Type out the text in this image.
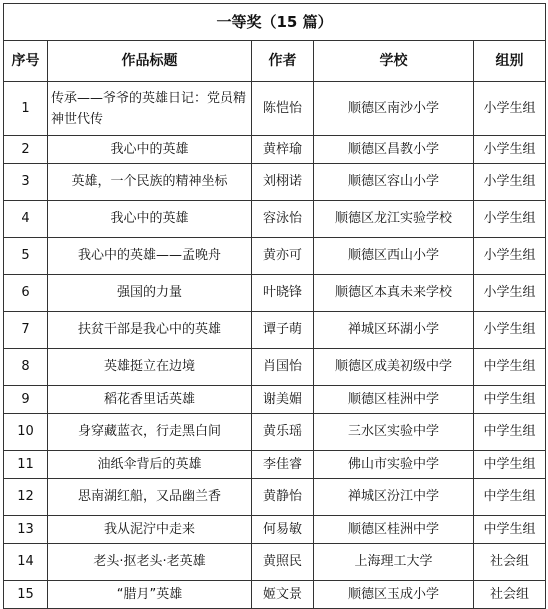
一等奖（15 篇）				
序号	作品标题	作者	学校	组别
1	传承——爷爷的英雄日记：党员精神世代传	陈恺怡	顺德区南沙小学	小学生组
2	我心中的英雄	黄梓瑜	顺德区昌教小学	小学生组
3	英雄，一个民族的精神坐标	刘栩诺	顺德区容山小学	小学生组
4	我心中的英雄	容泳怡	顺德区龙江实验学校	小学生组
5	我心中的英雄——孟晚舟	黄亦可	顺德区西山小学	小学生组
6	强国的力量	叶晓锋	顺德区本真未来学校	小学生组
7	扶贫干部是我心中的英雄	谭子萌	禅城区环湖小学	小学生组
8	英雄挺立在边境	肖国怡	顺德区成美初级中学	中学生组
9	稻花香里话英雄	谢美媚	顺德区桂洲中学	中学生组
10	身穿藏蓝衣，行走黑白间	黄乐瑶	三水区实验中学	中学生组
11	油纸伞背后的英雄	李佳睿	佛山市实验中学	中学生组
12	思南湖红船，又品幽兰香	黄静怡	禅城区汾江中学	中学生组
13	我从泥泞中走来	何易敏	顺德区桂洲中学	中学生组
14	老头·抠老头·老英雄	黄照民	上海理工大学	社会组
15	“腊月”英雄	姬文景	顺德区玉成小学	社会组
